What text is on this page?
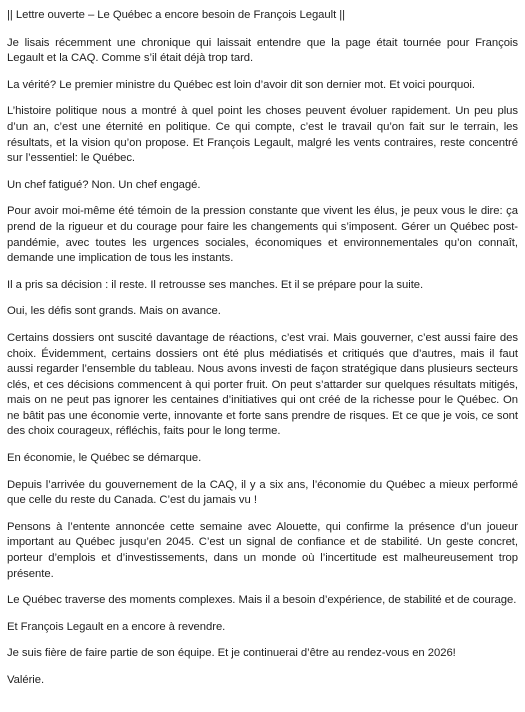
|| Lettre ouverte – Le Québec a encore besoin de François Legault ||

Je lisais récemment une chronique qui laissait entendre que la page était tournée pour François Legault et la CAQ. Comme s’il était déjà trop tard.

La vérité? Le premier ministre du Québec est loin d’avoir dit son dernier mot. Et voici pourquoi.

L’histoire politique nous a montré à quel point les choses peuvent évoluer rapidement. Un peu plus d’un an, c’est une éternité en politique. Ce qui compte, c’est le travail qu’on fait sur le terrain, les résultats, et la vision qu’on propose. Et François Legault, malgré les vents contraires, reste concentré sur l’essentiel: le Québec.

Un chef fatigué? Non. Un chef engagé.

Pour avoir moi-même été témoin de la pression constante que vivent les élus, je peux vous le dire: ça prend de la rigueur et du courage pour faire les changements qui s’imposent. Gérer un Québec post-pandémie, avec toutes les urgences sociales, économiques et environnementales qu’on connaît, demande une implication de tous les instants.

Il a pris sa décision : il reste. Il retrousse ses manches. Et il se prépare pour la suite.

Oui, les défis sont grands. Mais on avance.

Certains dossiers ont suscité davantage de réactions, c’est vrai. Mais gouverner, c’est aussi faire des choix. Évidemment, certains dossiers ont été plus médiatisés et critiqués que d’autres, mais il faut aussi regarder l’ensemble du tableau. Nous avons investi de façon stratégique dans plusieurs secteurs clés, et ces décisions commencent à qui porter fruit. On peut s’attarder sur quelques résultats mitigés, mais on ne peut pas ignorer les centaines d’initiatives qui ont créé de la richesse pour le Québec. On ne bâtit pas une économie verte, innovante et forte sans prendre de risques. Et ce que je vois, ce sont des choix courageux, réfléchis, faits pour le long terme.

En économie, le Québec se démarque.

Depuis l’arrivée du gouvernement de la CAQ, il y a six ans, l’économie du Québec a mieux performé que celle du reste du Canada. C’est du jamais vu !

Pensons à l’entente annoncée cette semaine avec Alouette, qui confirme la présence d’un joueur important au Québec jusqu’en 2045. C’est un signal de confiance et de stabilité. Un geste concret, porteur d’emplois et d’investissements, dans un monde où l’incertitude est malheureusement trop présente.

Le Québec traverse des moments complexes. Mais il a besoin d’expérience, de stabilité et de courage.

Et François Legault en a encore à revendre.

Je suis fière de faire partie de son équipe. Et je continuerai d’être au rendez-vous en 2026!

Valérie.
